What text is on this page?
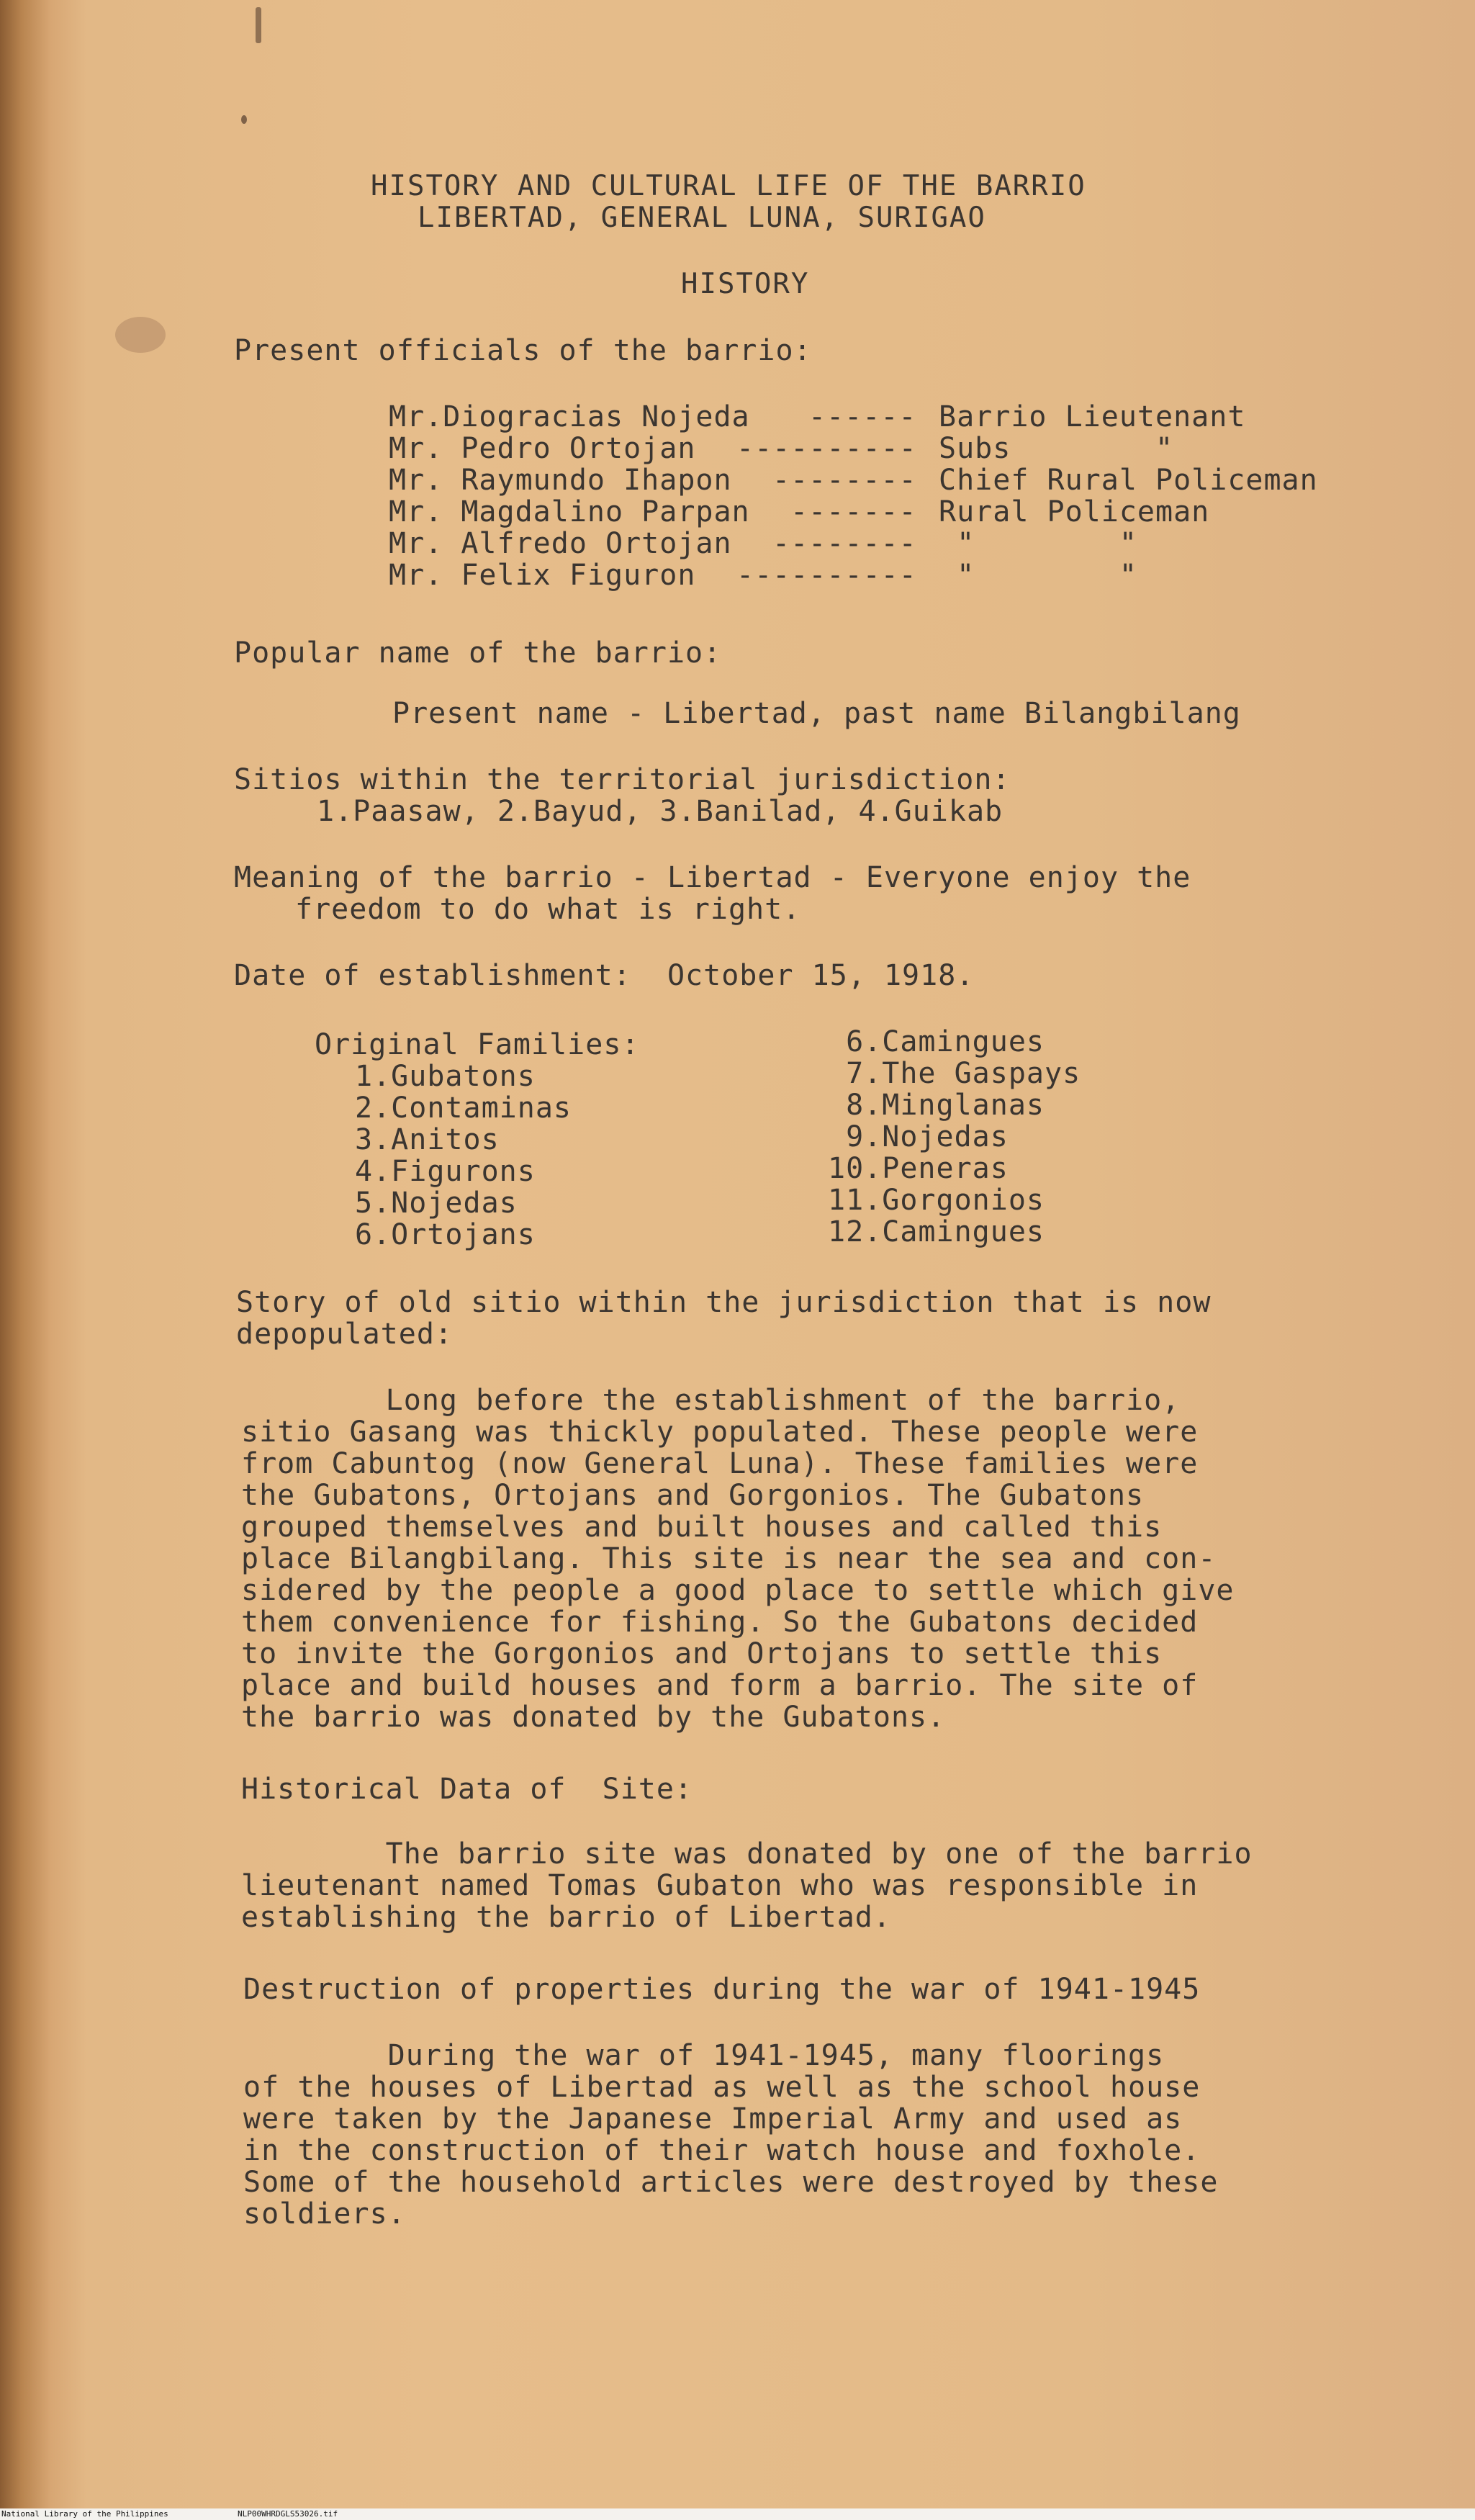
HISTORY AND CULTURAL LIFE OF THE BARRIO
LIBERTAD, GENERAL LUNA, SURIGAO
HISTORY
Present officials of the barrio:
Mr.Diogracias Nojeda ------ Barrio Lieutenant
Mr. Pedro Ortojan ---------- Subs        "
Mr. Raymundo Ihapon -------- Chief Rural Policeman
Mr. Magdalino Parpan ------- Rural Policeman
Mr. Alfredo Ortojan -------- "        "
Mr. Felix Figuron ---------- "        "
Popular name of the barrio:
Present name - Libertad, past name Bilangbilang
Sitios within the territorial jurisdiction:
1.Paasaw, 2.Bayud, 3.Banilad, 4.Guikab
Meaning of the barrio - Libertad - Everyone enjoy the
freedom to do what is right.
Date of establishment:  October 15, 1918.
Original Families:
1.Gubatons
2.Contaminas
3.Anitos
4.Figurons
5.Nojedas
6.Ortojans
6.Camingues
7.The Gaspays
8.Minglanas
9.Nojedas
10.Peneras
11.Gorgonios
12.Camingues
Story of old sitio within the jurisdiction that is now
depopulated:
Long before the establishment of the barrio,
sitio Gasang was thickly populated. These people were
from Cabuntog (now General Luna). These families were
the Gubatons, Ortojans and Gorgonios. The Gubatons
grouped themselves and built houses and called this
place Bilangbilang. This site is near the sea and con-
sidered by the people a good place to settle which give
them convenience for fishing. So the Gubatons decided
to invite the Gorgonios and Ortojans to settle this
place and build houses and form a barrio. The site of
the barrio was donated by the Gubatons.
Historical Data of  Site:
The barrio site was donated by one of the barrio
lieutenant named Tomas Gubaton who was responsible in
establishing the barrio of Libertad.
Destruction of properties during the war of 1941-1945
During the war of 1941-1945, many floorings
of the houses of Libertad as well as the school house
were taken by the Japanese Imperial Army and used as
in the construction of their watch house and foxhole.
Some of the household articles were destroyed by these
soldiers.
National Library of the Philippines	NLP00WHRDGLS53026.tif
